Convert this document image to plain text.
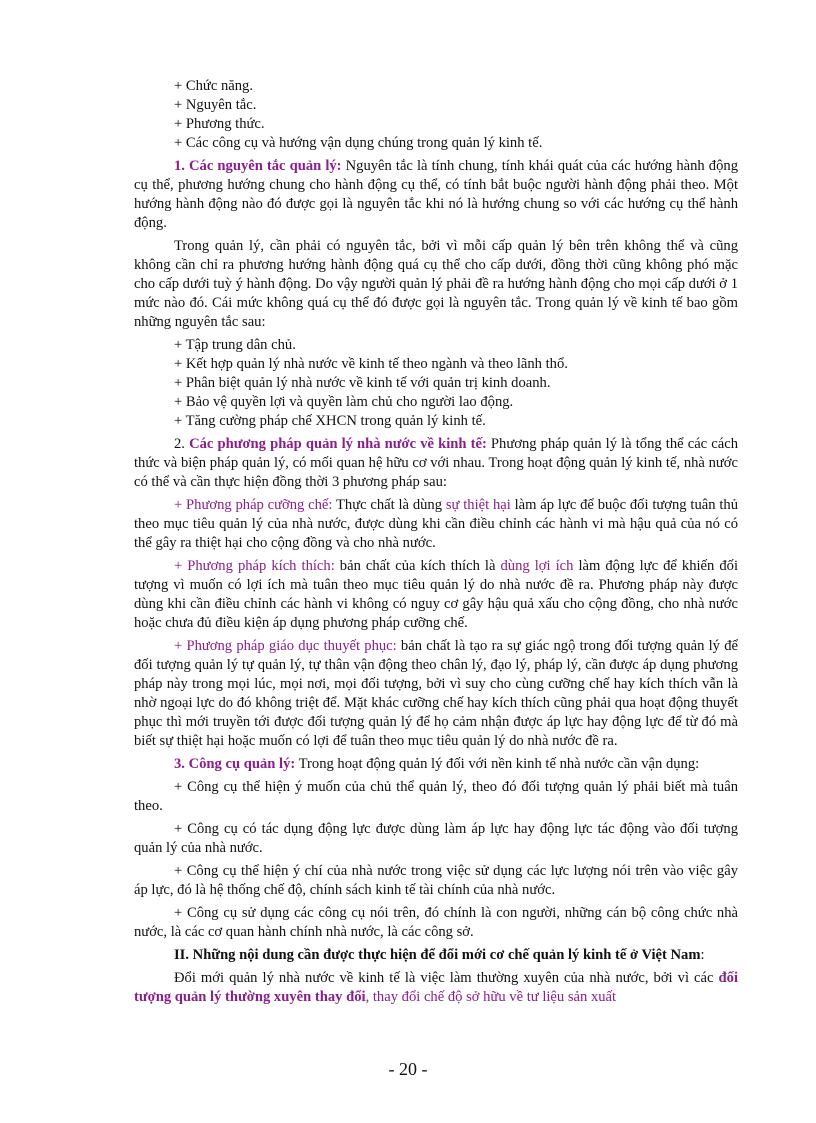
+ Chức năng.

+ Nguyên tắc.

+ Phương thức.

+ Các công cụ và hướng vận dụng chúng trong quản lý kinh tế.

1. Các nguyên tắc quản lý: Nguyên tắc là tính chung, tính khái quát của các hướng hành động cụ thể, phương hướng chung cho hành động cụ thể, có tính bắt buộc người hành động phải theo. Một hướng hành động nào đó được gọi là nguyên tắc khi nó là hướng chung so với các hướng cụ thể hành động.

Trong quản lý, cần phải có nguyên tắc, bởi vì mỗi cấp quản lý bên trên không thể và cũng không cần chỉ ra phương hướng hành động quá cụ thể cho cấp dưới, đồng thời cũng không phó mặc cho cấp dưới tuỳ ý hành động. Do vậy người quản lý phải đề ra hướng hành động cho mọi cấp dưới ở 1 mức nào đó. Cái mức không quá cụ thể đó được gọi là nguyên tắc. Trong quản lý về kinh tế bao gồm những nguyên tắc sau:

+ Tập trung dân chủ.

+ Kết hợp quản lý nhà nước về kinh tế theo ngành và theo lãnh thổ.

+ Phân biệt quản lý nhà nước về kinh tế với quản trị kinh doanh.

+ Bảo vệ quyền lợi và quyền làm chủ cho người lao động.

+ Tăng cường pháp chế XHCN trong quản lý kinh tế.

2. Các phương pháp quản lý nhà nước về kinh tế: Phương pháp quản lý là tổng thể các cách thức và biện pháp quản lý, có mối quan hệ hữu cơ với nhau. Trong hoạt động quản lý kinh tế, nhà nước có thể và cần thực hiện đồng thời 3 phương pháp sau:

+ Phương pháp cưỡng chế: Thực chất là dùng sự thiệt hại làm áp lực để buộc đối tượng tuân thủ theo mục tiêu quản lý của nhà nước, được dùng khi cần điều chỉnh các hành vi mà hậu quả của nó có thể gây ra thiệt hại cho cộng đồng và cho nhà nước.

+ Phương pháp kích thích: bản chất của kích thích là dùng lợi ích làm động lực để khiến đối tượng vì muốn có lợi ích mà tuân theo mục tiêu quản lý do nhà nước đề ra. Phương pháp này được dùng khi cần điều chỉnh các hành vi không có nguy cơ gây hậu quả xấu cho cộng đồng, cho nhà nước hoặc chưa đủ điều kiện áp dụng phương pháp cưỡng chế.

+ Phương pháp giáo dục thuyết phục: bản chất là tạo ra sự giác ngộ trong đối tượng quản lý để đối tượng quản lý tự quản lý, tự thân vận động theo chân lý, đạo lý, pháp lý, cần được áp dụng phương pháp này trong mọi lúc, mọi nơi, mọi đối tượng, bởi vì suy cho cùng cưỡng chế hay kích thích vẫn là nhờ ngoại lực do đó không triệt để. Mặt khác cưỡng chế hay kích thích cũng phải qua hoạt động thuyết phục thì mới truyền tới được đối tượng quản lý để họ cảm nhận được áp lực hay động lực để từ đó mà biết sự thiệt hại hoặc muốn có lợi để tuân theo mục tiêu quản lý do nhà nước đề ra.

3. Công cụ quản lý: Trong hoạt động quản lý đối với nền kinh tế nhà nước cần vận dụng:

+ Công cụ thể hiện ý muốn của chủ thể quản lý, theo đó đối tượng quản lý phải biết mà tuân theo.

+ Công cụ có tác dụng động lực được dùng làm áp lực hay động lực tác động vào đối tượng quản lý của nhà nước.

+ Công cụ thể hiện ý chí của nhà nước trong việc sử dụng các lực lượng nói trên vào việc gây áp lực, đó là hệ thống chế độ, chính sách kinh tế tài chính của nhà nước.

+ Công cụ sử dụng các công cụ nói trên, đó chính là con người, những cán bộ công chức nhà nước, là các cơ quan hành chính nhà nước, là các công sở.

II. Những nội dung cần được thực hiện để đổi mới cơ chế quản lý kinh tế ở Việt Nam:

Đổi mới quản lý nhà nước về kinh tế là việc làm thường xuyên của nhà nước, bởi vì các đối tượng quản lý thường xuyên thay đổi, thay đổi chế độ sở hữu về tư liệu sản xuất

- 20 -
